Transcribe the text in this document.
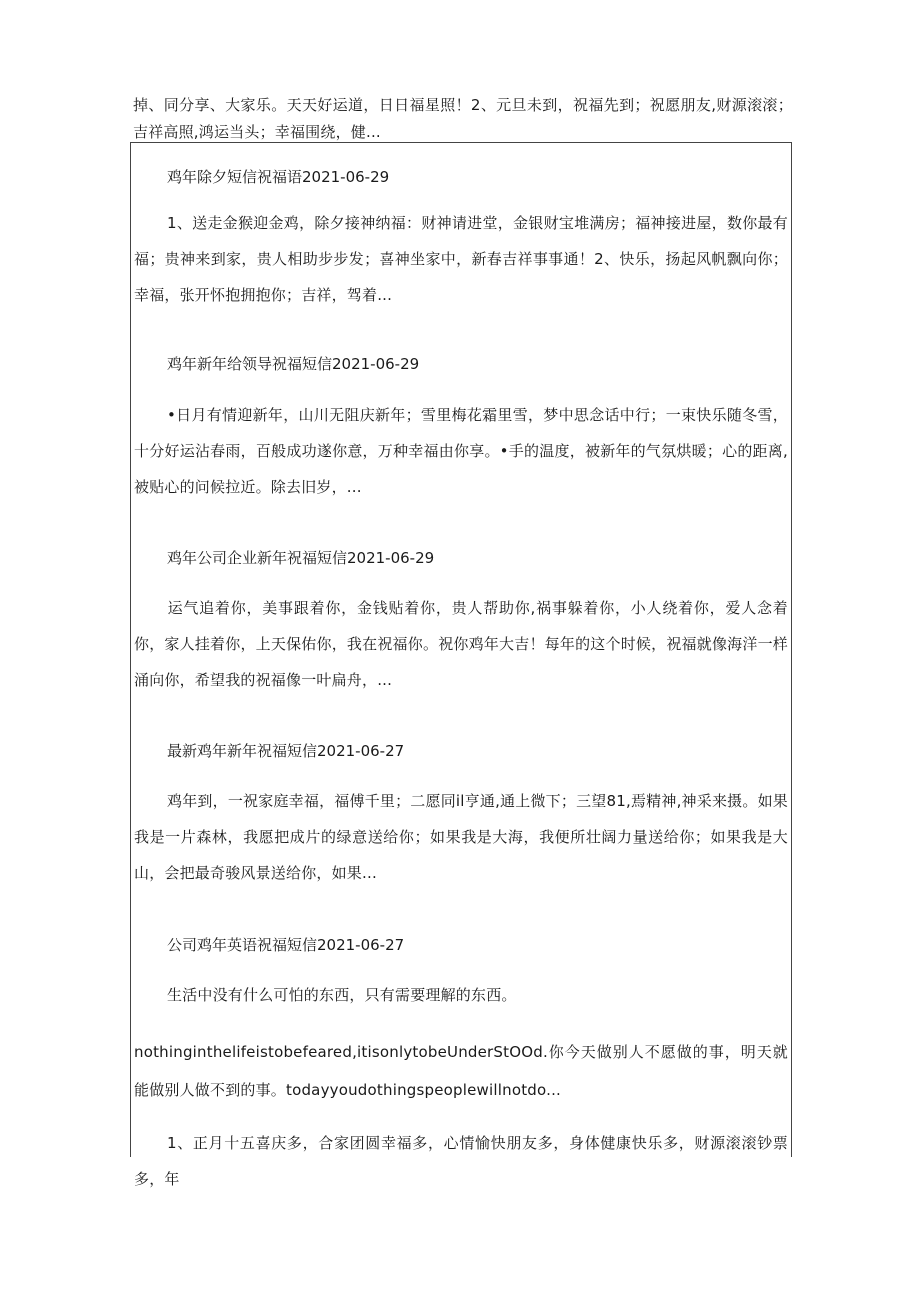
掉、同分享、大家乐。天天好运道，日日福星照！2、元旦未到，祝福先到；祝愿朋友,财源滚滚；吉祥高照,鸿运当头；幸福围绕，健...
鸡年除夕短信祝福语2021-06-29
1、送走金猴迎金鸡，除夕接神纳福：财神请进堂，金银财宝堆满房；福神接进屋，数你最有福；贵神来到家，贵人相助步步发；喜神坐家中，新春吉祥事事通！2、快乐，扬起风帆飘向你；幸福，张开怀抱拥抱你；吉祥，驾着...
鸡年新年给领导祝福短信2021-06-29
•日月有情迎新年，山川无阻庆新年；雪里梅花霜里雪，梦中思念话中行；一束快乐随冬雪，十分好运沾春雨，百般成功遂你意，万种幸福由你享。•手的温度，被新年的气氛烘暖；心的距离,被贴心的问候拉近。除去旧岁，...
鸡年公司企业新年祝福短信2021-06-29
运气追着你，美事跟着你，金钱贴着你，贵人帮助你,祸事躲着你，小人绕着你，爱人念着你，家人挂着你，上天保佑你，我在祝福你。祝你鸡年大吉！每年的这个时候，祝福就像海洋一样涌向你，希望我的祝福像一叶扁舟，...
最新鸡年新年祝福短信2021-06-27
鸡年到，一祝家庭幸福，福傅千里；二愿同il亨通,通上微下；三望81,焉精神,神采来摄。如果我是一片森林，我愿把成片的绿意送给你；如果我是大海，我便所壮阔力量送给你；如果我是大山，会把最奇骏风景送给你，如果...
公司鸡年英语祝福短信2021-06-27
生活中没有什么可怕的东西，只有需要理解的东西。
nothinginthelifeistobefeared,itisonlytobeUnderStOOd.你今天做别人不愿做的事，明天就能做别人做不到的事。todayyoudothingspeoplewillnotdo...
1、正月十五喜庆多，合家团圆幸福多，心情愉快朋友多，身体健康快乐多，财源滚滚钞票多，年
